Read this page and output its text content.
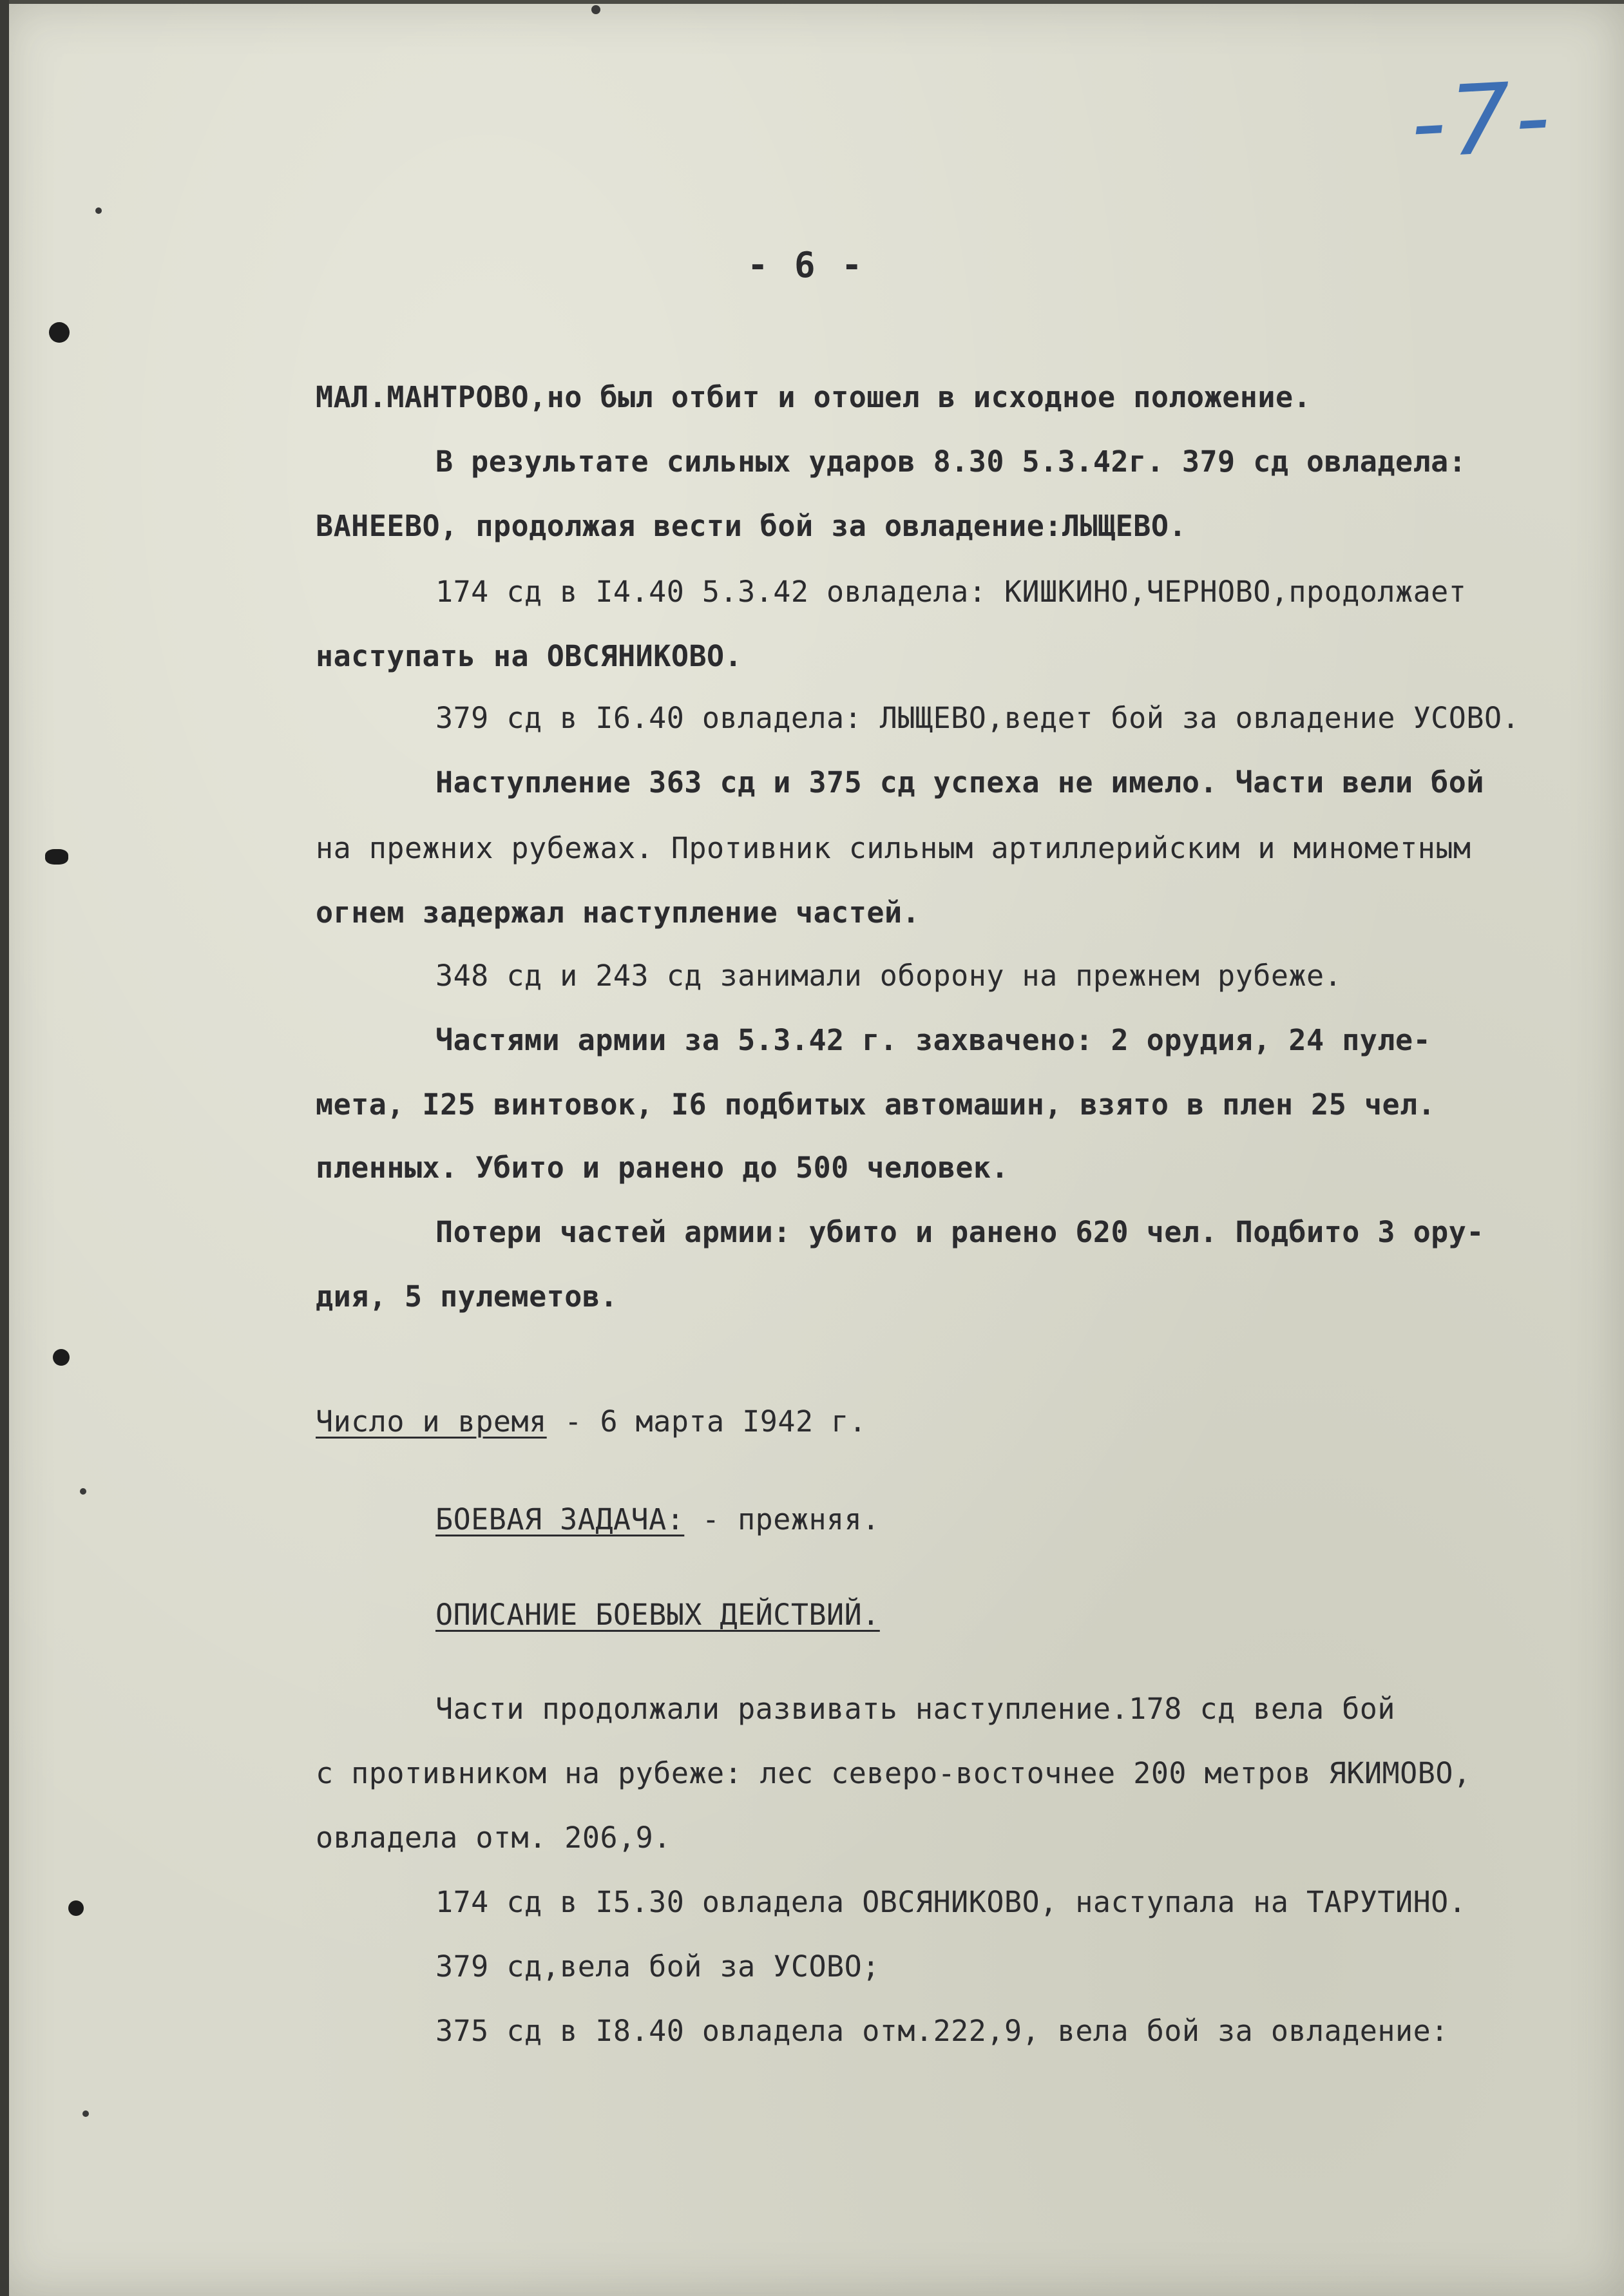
-7-
- 6 -
МАЛ.МАНТРОВО,но был отбит и отошел в исходное положение.
В результате сильных ударов 8.30 5.3.42г. 379 сд овладела:
ВАНЕЕВО, продолжая вести бой за овладение:ЛЫЩЕВО.
174 сд в I4.40 5.3.42 овладела: КИШКИНО,ЧЕРНОВО,продолжает
наступать на ОВСЯНИКОВО.
379 сд в I6.40 овладела: ЛЫЩЕВО,ведет бой за овладение УСОВО.
Наступление 363 сд и 375 сд успеха не имело. Части вели бой
на прежних рубежах. Противник сильным артиллерийским и минометным
огнем задержал наступление частей.
348 сд и 243 сд занимали оборону на прежнем рубеже.
Частями армии за 5.3.42 г. захвачено: 2 орудия, 24 пуле-
мета, I25 винтовок, I6 подбитых автомашин, взято в плен 25 чел.
пленных. Убито и ранено до 500 человек.
Потери частей армии: убито и ранено 620 чел. Подбито 3 ору-
дия, 5 пулеметов.
Число и время - 6 марта I942 г.
БОЕВАЯ ЗАДАЧА: - прежняя.
ОПИСАНИЕ БОЕВЫХ ДЕЙСТВИЙ.
Части продолжали развивать наступление.178 сд вела бой
с противником на рубеже: лес северо-восточнее 200 метров ЯКИМОВО,
овладела отм. 206,9.
174 сд в I5.30 овладела ОВСЯНИКОВО, наступала на ТАРУТИНО.
379 сд,вела бой за УСОВО;
375 сд в I8.40 овладела отм.222,9, вела бой за овладение:
